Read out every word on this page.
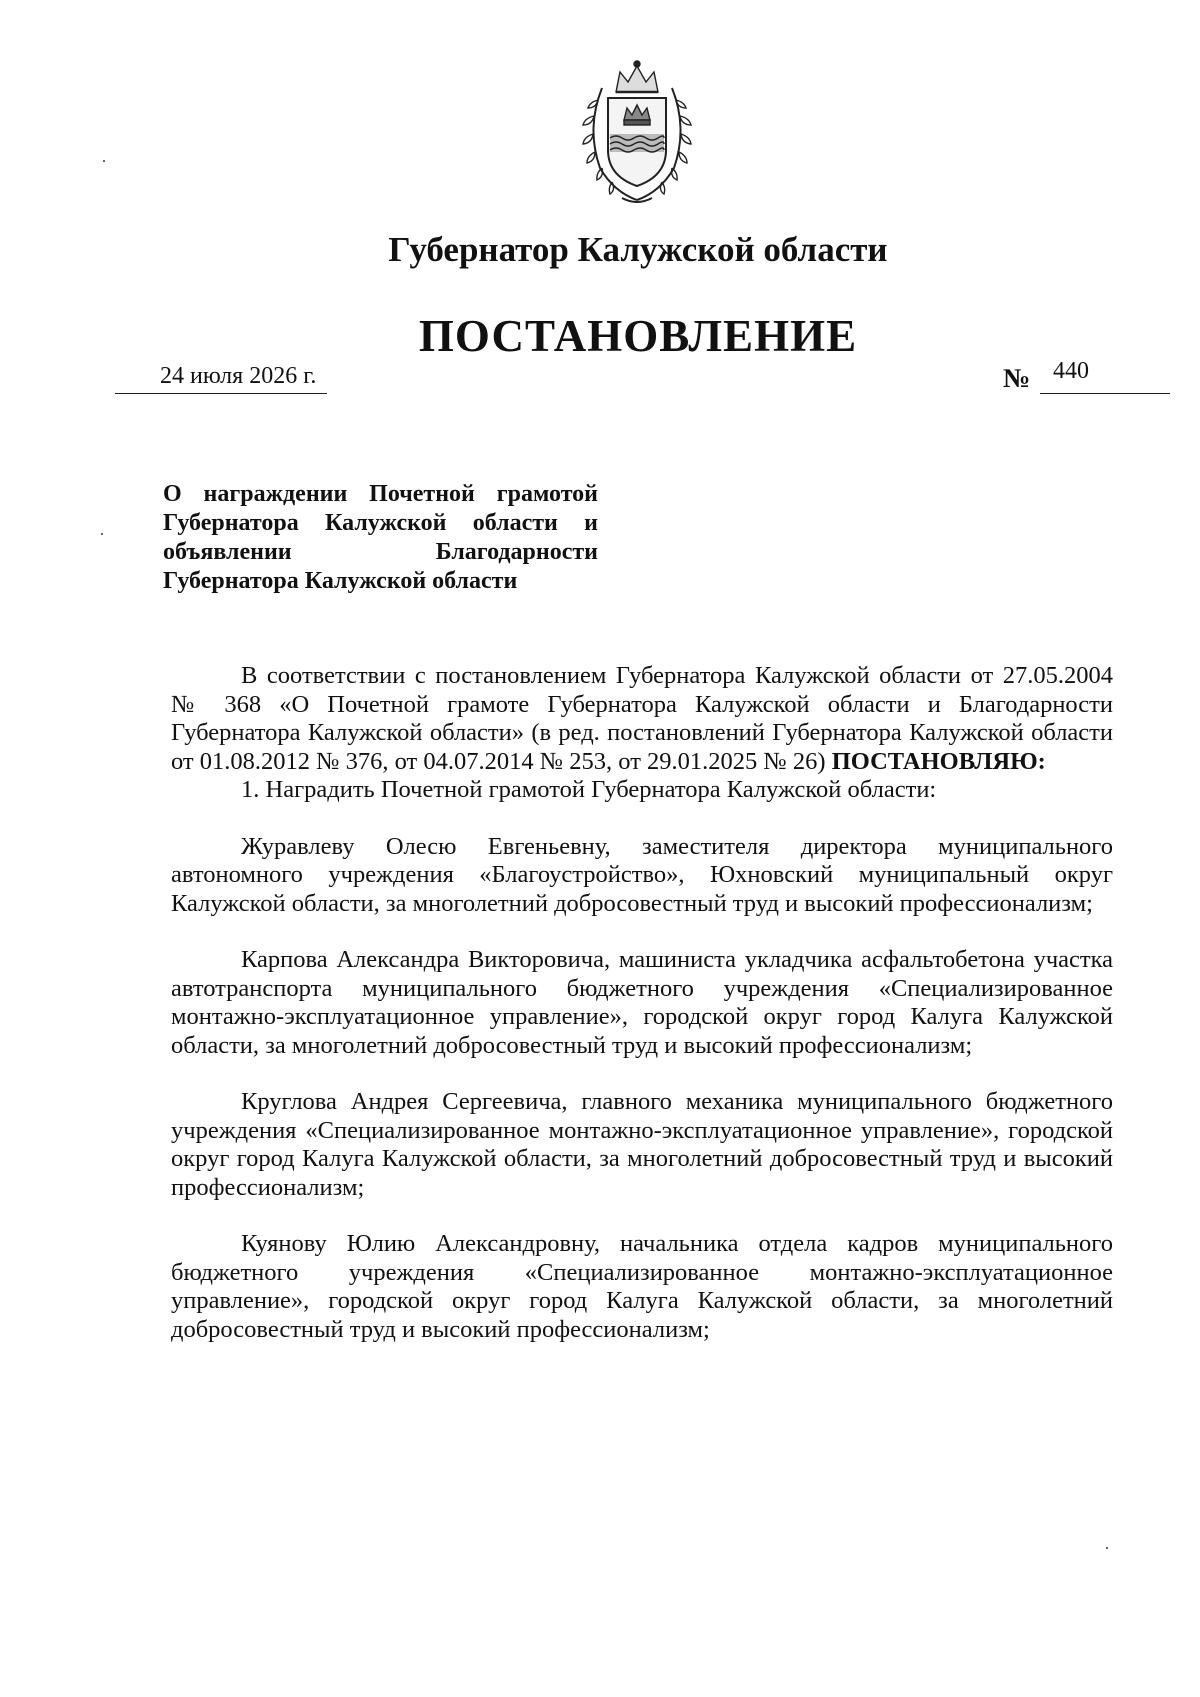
Губернатор Калужской области
ПОСТАНОВЛЕНИЕ
24 июля 2026 г.	№ 440
О награждении Почетной грамотой Губернатора Калужской области и объявлении Благодарности Губернатора Калужской области

В соответствии с постановлением Губернатора Калужской области от 27.05.2004 № 368 «О Почетной грамоте Губернатора Калужской области и Благодарности Губернатора Калужской области» (в ред. постановлений Губернатора Калужской области от 01.08.2012 № 376, от 04.07.2014 № 253, от 29.01.2025 № 26) ПОСТАНОВЛЯЮ:

1. Наградить Почетной грамотой Губернатора Калужской области:

Журавлеву Олесю Евгеньевну, заместителя директора муниципального автономного учреждения «Благоустройство», Юхновский муниципальный округ Калужской области, за многолетний добросовестный труд и высокий профессионализм;

Карпова Александра Викторовича, машиниста укладчика асфальтобетона участка автотранспорта муниципального бюджетного учреждения «Специализированное монтажно-эксплуатационное управление», городской округ город Калуга Калужской области, за многолетний добросовестный труд и высокий профессионализм;

Круглова Андрея Сергеевича, главного механика муниципального бюджетного учреждения «Специализированное монтажно-эксплуатационное управление», городской округ город Калуга Калужской области, за многолетний добросовестный труд и высокий профессионализм;

Куянову Юлию Александровну, начальника отдела кадров муниципального бюджетного учреждения «Специализированное монтажно-эксплуатационное управление», городской округ город Калуга Калужской области, за многолетний добросовестный труд и высокий профессионализм;
